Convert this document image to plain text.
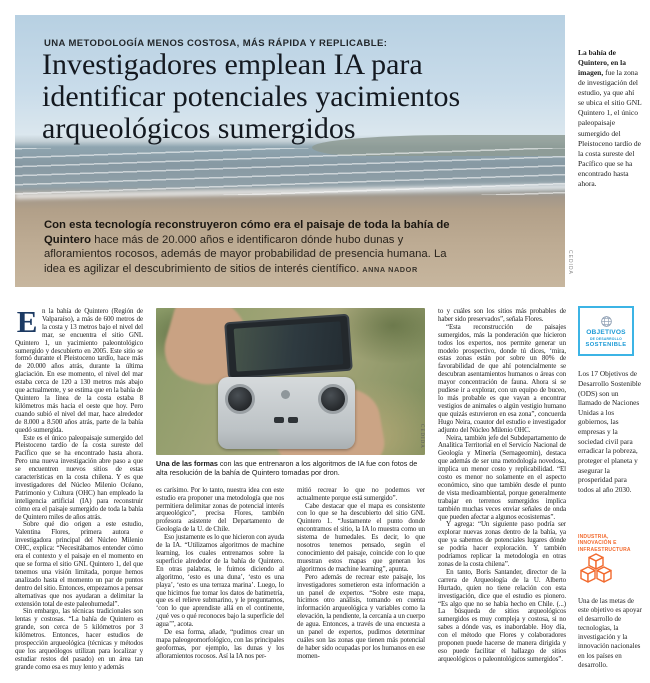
UNA METODOLOGÍA MENOS COSTOSA, MÁS RÁPIDA Y REPLICABLE:
Investigadores emplean IA para identificar potenciales yacimientos arqueológicos sumergidos

Con esta tecnología reconstruyeron cómo era el paisaje de toda la bahía de Quintero hace más de 20.000 años e identificaron dónde hubo dunas y afloramientos rocosos, además de mayor probabilidad de presencia humana. La idea es agilizar el descubrimiento de sitios de interés científico. ANNA NADOR	CEDIDA

La bahía de Quintero, en la imagen, fue la zona de investigación del estudio, ya que ahí se ubica el sitio GNL Quintero 1, el único paleopaisaje sumergido del Pleistoceno tardío de la costa sureste del Pacífico que se ha encontrado hasta ahora.

OBJETIVOS
DE DESARROLLO
SOSTENIBLE

Los 17 Objetivos de Desarrollo Sostenible (ODS) son un llamado de Naciones Unidas a los gobiernos, las empresas y la sociedad civil para erradicar la pobreza, proteger el planeta y asegurar la prosperidad para todos al año 2030.

INDUSTRIA, INNOVACIÓN E INFRAESTRUCTURA

Una de las metas de este objetivo es apoyar el desarrollo de tecnologías, la investigación y la innovación nacionales en los países en desarrollo.

E n la bahía de Quintero (Región de Valparaíso), a más de 600 metros de la costa y 13 metros bajo el nivel del mar, se encuentra el sitio GNL Quintero 1, un yacimiento paleontológico sumergido y descubierto en 2005. Este sitio se formó durante el Pleistoceno tardío, hace más de 20.000 años atrás, durante la última glaciación. En ese momento, el nivel del mar estaba cerca de 120 a 130 metros más abajo que actualmente, y se estima que en la bahía de Quintero la línea de la costa estaba 8 kilómetros más hacia el oeste que hoy. Pero cuando subió el nivel del mar, hace alrededor de 8.000 a 8.500 años atrás, parte de la bahía quedó sumergida.

Este es el único paleopaisaje sumergido del Pleistoceno tardío de la costa sureste del Pacífico que se ha encontrado hasta ahora. Pero una nueva investigación abre paso a que se encuentren nuevos sitios de estas características en la costa chilena. Y es que investigadores del Núcleo Milenio Océano, Patrimonio y Cultura (OHC) han empleado la inteligencia artificial (IA) para reconstruir cómo era el paisaje sumergido de toda la bahía de Quintero miles de años atrás.

Sobre qué dio origen a este estudio, Valentina Flores, primera autora e investigadora principal del Núcleo Milenio OHC, explica: “Necesitábamos entender cómo era el contexto y el paisaje en el momento en que se forma el sitio GNL Quintero 1, del que tenemos una visión limitada, porque hemos analizado hasta el momento un par de puntos dentro del sitio. Entonces, empezamos a pensar alternativas que nos ayudaran a delimitar la extensión total de este paleohumedal”.

Sin embargo, las técnicas tradicionales son lentas y costosas. “La bahía de Quintero es grande, son cerca de 5 kilómetros por 3 kilómetros. Entonces, hacer estudios de prospección arqueológica (técnicas y métodos que los arqueólogos utilizan para localizar y estudiar restos del pasado) en un área tan grande como esa es muy lento y además

CEDIDA

Una de las formas con las que entrenaron a los algoritmos de IA fue con fotos de alta resolución de la bahía de Quintero tomadas por dron.

es carísimo. Por lo tanto, nuestra idea con este estudio era proponer una metodología que nos permitiera delimitar zonas de potencial interés arqueológico”, precisa Flores, también profesora asistente del Departamento de Geología de la U. de Chile.

Eso justamente es lo que hicieron con ayuda de la IA. “Utilizamos algoritmos de machine learning, los cuales entrenamos sobre la superficie alrededor de la bahía de Quintero. En otras palabras, le fuimos diciendo al algoritmo, ‘esto es una duna’, ‘esto es una playa’, ‘esto es una terraza marina’. Luego, lo que hicimos fue tomar los datos de batimetría, que es el relieve submarino, y le preguntamos, ‘con lo que aprendiste allá en el continente, ¿qué ves o qué reconoces bajo la superficie del agua’”, acota.

De esa forma, añade, “pudimos crear un mapa paleogeomorfológico, con las principales geoformas, por ejemplo, las dunas y los afloramientos rocosos. Así la IA nos per-

mitió recrear lo que no podemos ver actualmente porque está sumergido”.

Cabe destacar que el mapa es consistente con lo que se ha descubierto del sitio GNL Quintero 1. “Justamente el punto donde encontramos el sitio, la IA lo muestra como un sistema de humedales. Es decir, lo que nosotros tenemos pensado, según el conocimiento del paisaje, coincide con lo que muestran estos mapas que generan los algoritmos de machine learning”, apunta.

Pero además de recrear este paisaje, los investigadores sometieron esta información a un panel de expertos. “Sobre este mapa, hicimos otro análisis, tomando en cuenta información arqueológica y variables como la elevación, la pendiente, la cercanía a un cuerpo de agua. Entonces, a través de una encuesta a un panel de expertos, pudimos determinar cuáles son las zonas que tienen más potencial de haber sido ocupadas por los humanos en ese momen-

to y cuáles son los sitios más probables de haber sido preservados”, señala Flores.

“Esta reconstrucción de paisajes sumergidos, más la ponderación que hicieron todos los expertos, nos permite generar un modelo prospectivo, donde tú dices, ‘mira, estas zonas están por sobre un 80% de favorabilidad de que ahí potencialmente se descubran asentamientos humanos o áreas con mayor concentración de fauna. Ahora si se pudiese ir a explorar, con un equipo de buceo, lo más probable es que vayan a encontrar vestigios de animales o algún vestigio humano que quizás estuvieron en esa zona”, concuerda Hugo Neira, coautor del estudio e investigador adjunto del Núcleo Milenio OHC.

Neira, también jefe del Subdepartamento de Analítica Territorial en el Servicio Nacional de Geología y Minería (Sernageomin), destaca que además de ser una metodología novedosa, implica un menor costo y replicabilidad. “El costo es menor no solamente en el aspecto económico, sino que también desde el punto de vista medioambiental, porque generalmente trabajar en terrenos sumergidos implica también muchas veces enviar señales de onda que pueden afectar a algunos ecosistemas”.

Y agrega: “Un siguiente paso podría ser explorar nuevas zonas dentro de la bahía, ya que ya sabemos de potenciales lugares dónde se podría hacer exploración. Y también podríamos replicar la metodología en otras zonas de la costa chilena”.

En tanto, Boris Santander, director de la carrera de Arqueología de la U. Alberto Hurtado, quien no tiene relación con esta investigación, dice que el estudio es pionero. “Es algo que no se había hecho en Chile. (...) La búsqueda de sitios arqueológicos sumergidos es muy compleja y costosa, si no sabes a dónde vas, es inabordable. Hoy día, con el método que Flores y colaboradores proponen puede hacerse de manera dirigida y eso puede facilitar el hallazgo de sitios arqueológicos o paleontológicos sumergidos”.
